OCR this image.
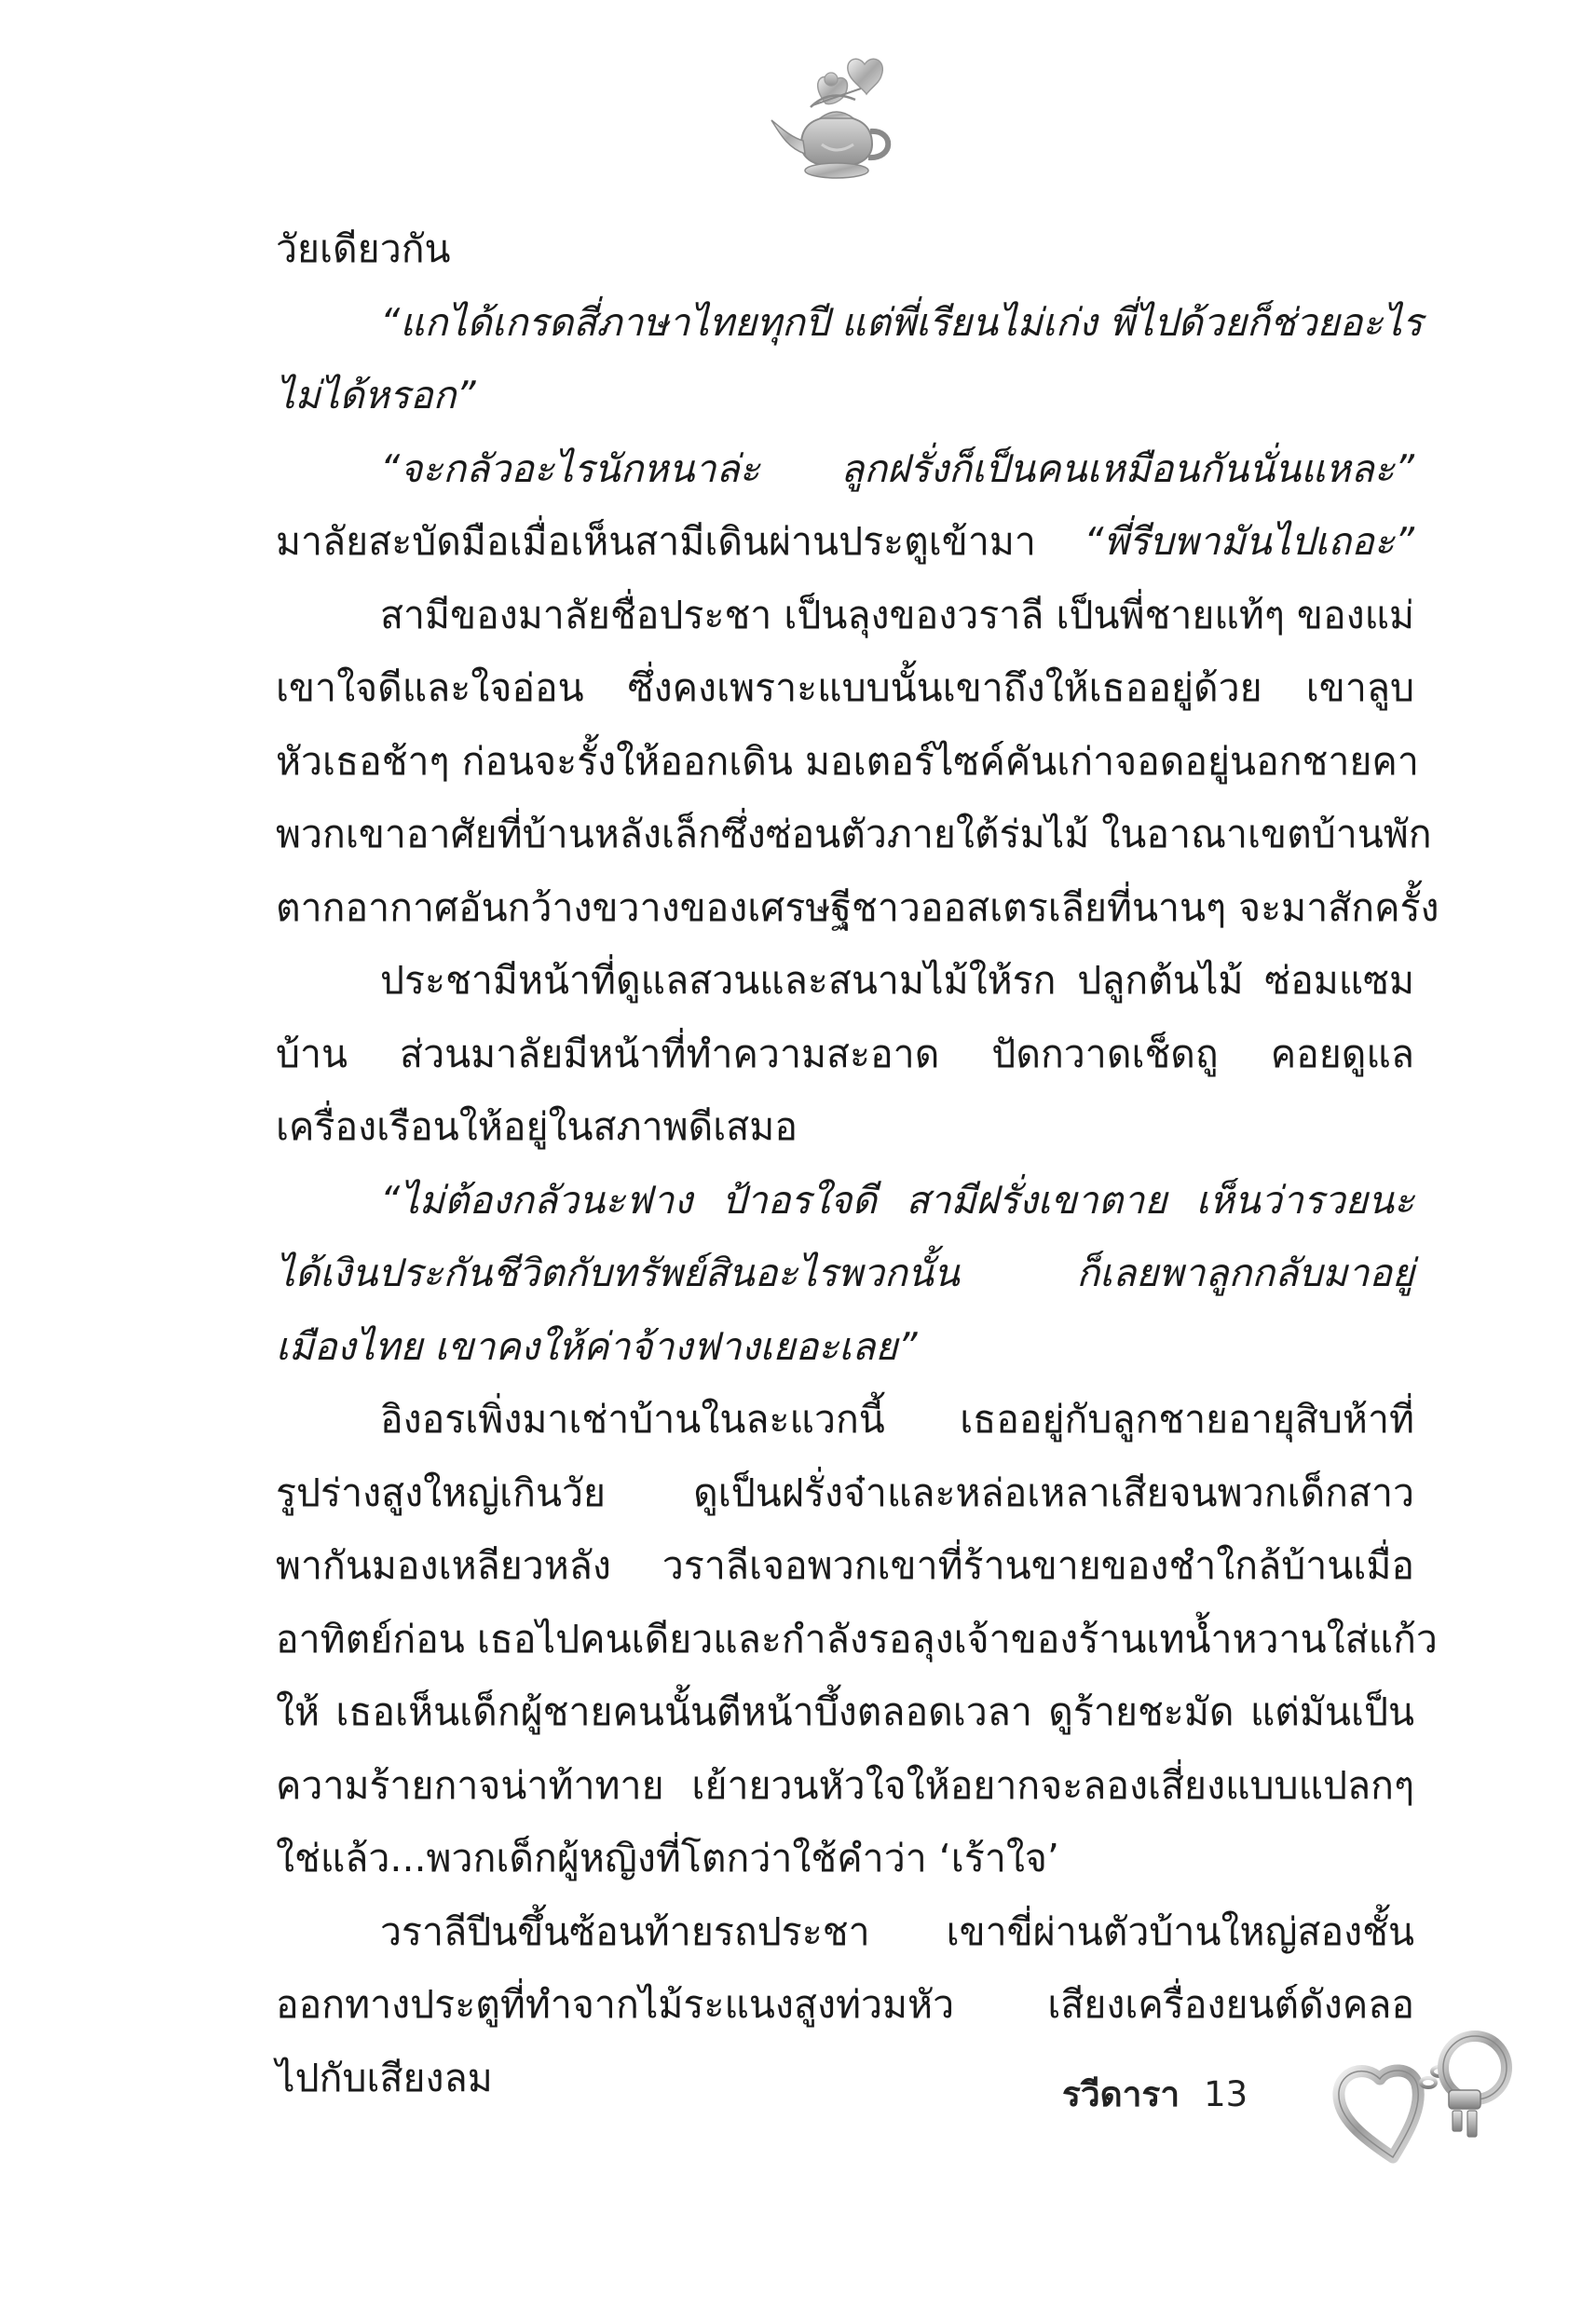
วัยเดียวกัน
“แกได้เกรดสี่ภาษาไทยทุกปี แต่พี่เรียนไม่เก่ง พี่ไปด้วยก็ช่วยอะไร
ไม่ได้หรอก”
“จะกลัวอะไรนักหนาล่ะ ลูกฝรั่งก็เป็นคนเหมือนกันนั่นแหละ”
มาลัยสะบัดมือเมื่อเห็นสามีเดินผ่านประตูเข้ามา “พี่รีบพามันไปเถอะ”
สามีของมาลัยชื่อประชา เป็นลุงของวราลี เป็นพี่ชายแท้ๆ ของแม่
เขาใจดีและใจอ่อน ซึ่งคงเพราะแบบนั้นเขาถึงให้เธออยู่ด้วย เขาลูบ
หัวเธอช้าๆ ก่อนจะรั้งให้ออกเดิน มอเตอร์ไซค์คันเก่าจอดอยู่นอกชายคา
พวกเขาอาศัยที่บ้านหลังเล็กซึ่งซ่อนตัวภายใต้ร่มไม้ ในอาณาเขตบ้านพัก
ตากอากาศอันกว้างขวางของเศรษฐีชาวออสเตรเลียที่นานๆ จะมาสักครั้ง
ประชามีหน้าที่ดูแลสวนและสนามไม้ให้รก ปลูกต้นไม้ ซ่อมแซม
บ้าน ส่วนมาลัยมีหน้าที่ทำความสะอาด ปัดกวาดเช็ดถู คอยดูแล
เครื่องเรือนให้อยู่ในสภาพดีเสมอ
“ไม่ต้องกลัวนะฟาง ป้าอรใจดี สามีฝรั่งเขาตาย เห็นว่ารวยนะ
ได้เงินประกันชีวิตกับทรัพย์สินอะไรพวกนั้น ก็เลยพาลูกกลับมาอยู่
เมืองไทย เขาคงให้ค่าจ้างฟางเยอะเลย”
อิงอรเพิ่งมาเช่าบ้านในละแวกนี้ เธออยู่กับลูกชายอายุสิบห้าที่
รูปร่างสูงใหญ่เกินวัย ดูเป็นฝรั่งจ๋าและหล่อเหลาเสียจนพวกเด็กสาว
พากันมองเหลียวหลัง วราลีเจอพวกเขาที่ร้านขายของชำใกล้บ้านเมื่อ
อาทิตย์ก่อน เธอไปคนเดียวและกำลังรอลุงเจ้าของร้านเทน้ำหวานใส่แก้ว
ให้ เธอเห็นเด็กผู้ชายคนนั้นตีหน้าบึ้งตลอดเวลา ดูร้ายชะมัด แต่มันเป็น
ความร้ายกาจน่าท้าทาย เย้ายวนหัวใจให้อยากจะลองเสี่ยงแบบแปลกๆ
ใช่แล้ว...พวกเด็กผู้หญิงที่โตกว่าใช้คำว่า ‘เร้าใจ’
วราลีปีนขึ้นซ้อนท้ายรถประชา เขาขี่ผ่านตัวบ้านใหญ่สองชั้น
ออกทางประตูที่ทำจากไม้ระแนงสูงท่วมหัว เสียงเครื่องยนต์ดังคลอ
ไปกับเสียงลม	รวีดารา 13
